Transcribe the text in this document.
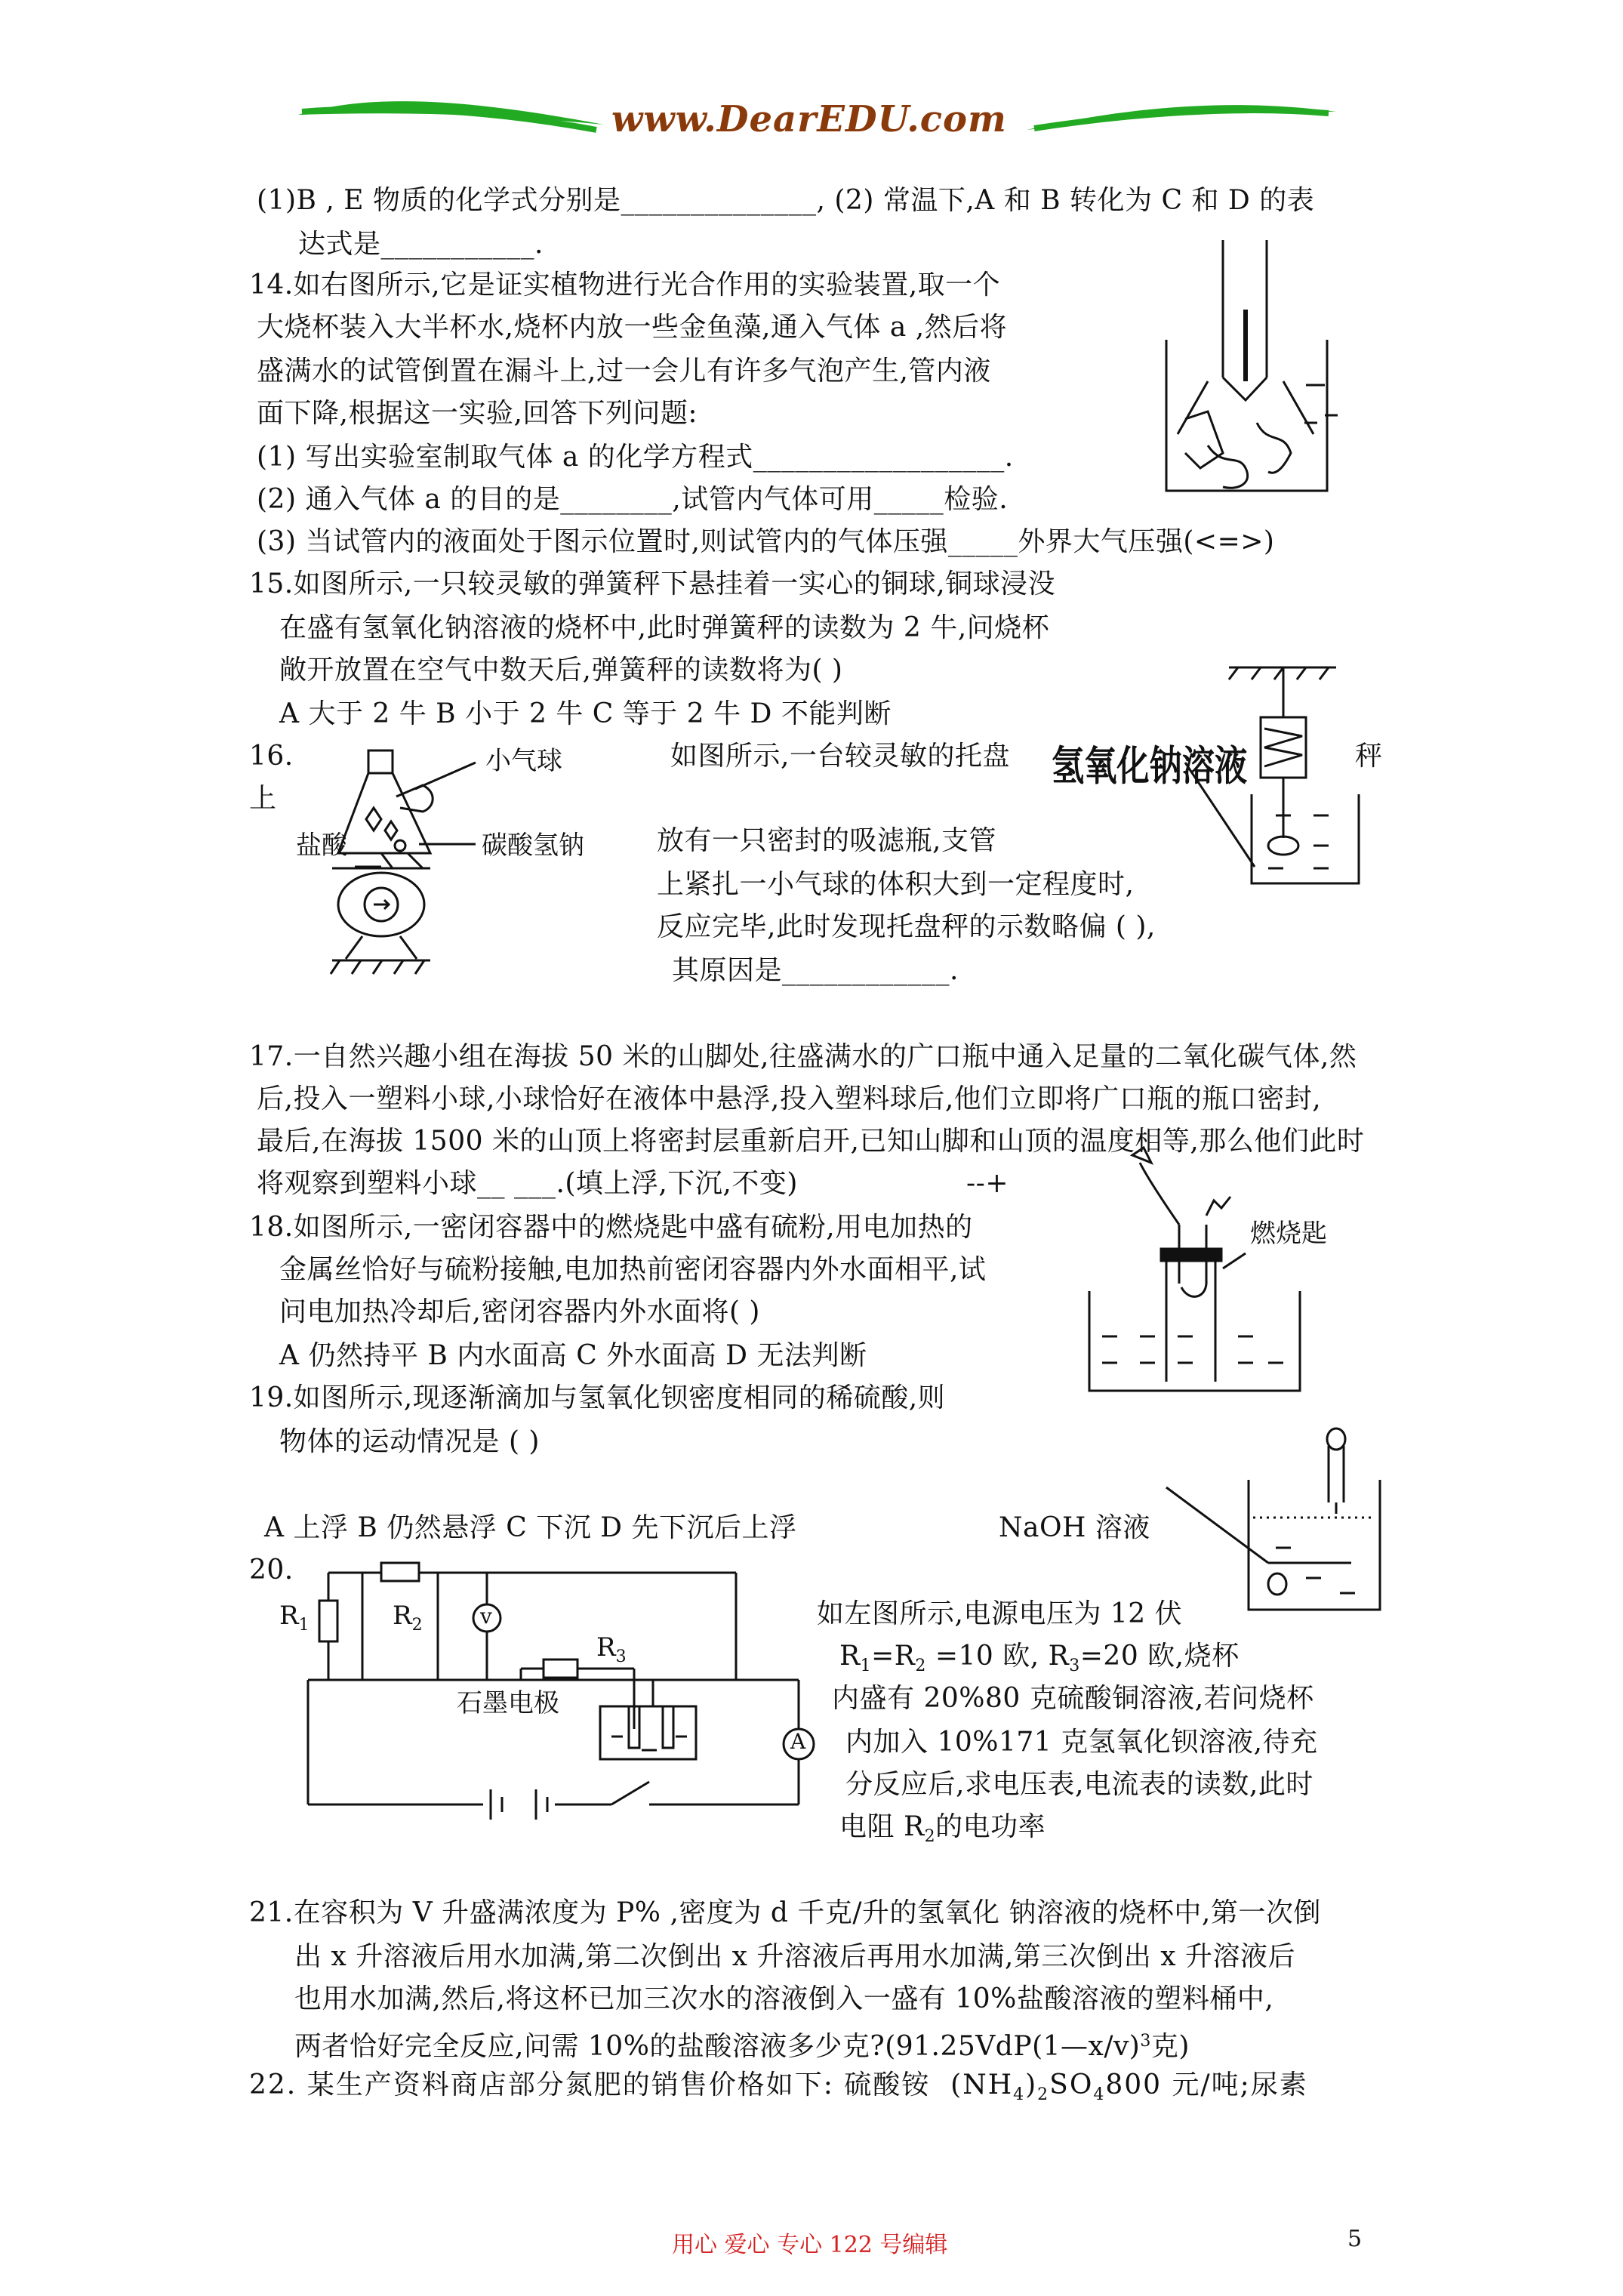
www.DearEDU.com
(1)B , E 物质的化学式分别是______________, (2) 常温下,A 和 B 转化为 C 和 D 的表
达式是___________.
14.如右图所示,它是证实植物进行光合作用的实验装置,取一个
大烧杯装入大半杯水,烧杯内放一些金鱼藻,通入气体 a ,然后将
盛满水的试管倒置在漏斗上,过一会儿有许多气泡产生,管内液
面下降,根据这一实验,回答下列问题:
(1) 写出实验室制取气体 a 的化学方程式__________________.
(2) 通入气体 a 的目的是________,试管内气体可用_____检验.
(3) 当试管内的液面处于图示位置时,则试管内的气体压强_____外界大气压强(<=>)
15.如图所示,一只较灵敏的弹簧秤下悬挂着一实心的铜球,铜球浸没
在盛有氢氧化钠溶液的烧杯中,此时弹簧秤的读数为 2 牛,问烧杯
敞开放置在空气中数天后,弹簧秤的读数将为( )
A 大于 2 牛 B 小于 2 牛 C 等于 2 牛 D 不能判断
16.	如图所示,一台较灵敏的托盘	秤
上
放有一只密封的吸滤瓶,支管
上紧扎一小气球的体积大到一定程度时,
反应完毕,此时发现托盘秤的示数略偏 ( ),
其原因是____________.
17.一自然兴趣小组在海拔 50 米的山脚处,往盛满水的广口瓶中通入足量的二氧化碳气体,然
后,投入一塑料小球,小球恰好在液体中悬浮,投入塑料球后,他们立即将广口瓶的瓶口密封,
最后,在海拔 1500 米的山顶上将密封层重新启开,已知山脚和山顶的温度相等,那么他们此时
将观察到塑料小球__ ___.(填上浮,下沉,不变)	--+
18.如图所示,一密闭容器中的燃烧匙中盛有硫粉,用电加热的
金属丝恰好与硫粉接触,电加热前密闭容器内外水面相平,试
问电加热冷却后,密闭容器内外水面将( )
A 仍然持平 B 内水面高 C 外水面高 D 无法判断
19.如图所示,现逐渐滴加与氢氧化钡密度相同的稀硫酸,则
物体的运动情况是 ( )
A 上浮 B 仍然悬浮 C 下沉 D 先下沉后上浮	NaOH 溶液
20.
如左图所示,电源电压为 12 伏
$R_1=R_2 =10$ 欧, $R_3=20$ 欧,烧杯
内盛有 20%80 克硫酸铜溶液,若问烧杯
内加入 10%171 克氢氧化钡溶液,待充
分反应后,求电压表,电流表的读数,此时
电阻 $R_2$的电功率
21.在容积为 V 升盛满浓度为 P% ,密度为 d 千克/升的氢氧化 钠溶液的烧杯中,第一次倒
出 x 升溶液后用水加满,第二次倒出 x 升溶液后再用水加满,第三次倒出 x 升溶液后
也用水加满,然后,将这杯已加三次水的溶液倒入一盛有 10%盐酸溶液的塑料桶中,
两者恰好完全反应,问需 10%的盐酸溶液多少克?(91.25VdP(1—x/v)$^3$克)
22. 某生产资料商店部分氮肥的销售价格如下: 硫酸铵 $(NH_4)_2SO_4800$ 元/吨;尿素
氢氧化钠溶液
小气球
盐酸	碳酸氢钠
燃烧匙
$R_1$	$R_2$
$R_3$
v
A
石墨电极
用心 爱心 专心 122 号编辑	5
